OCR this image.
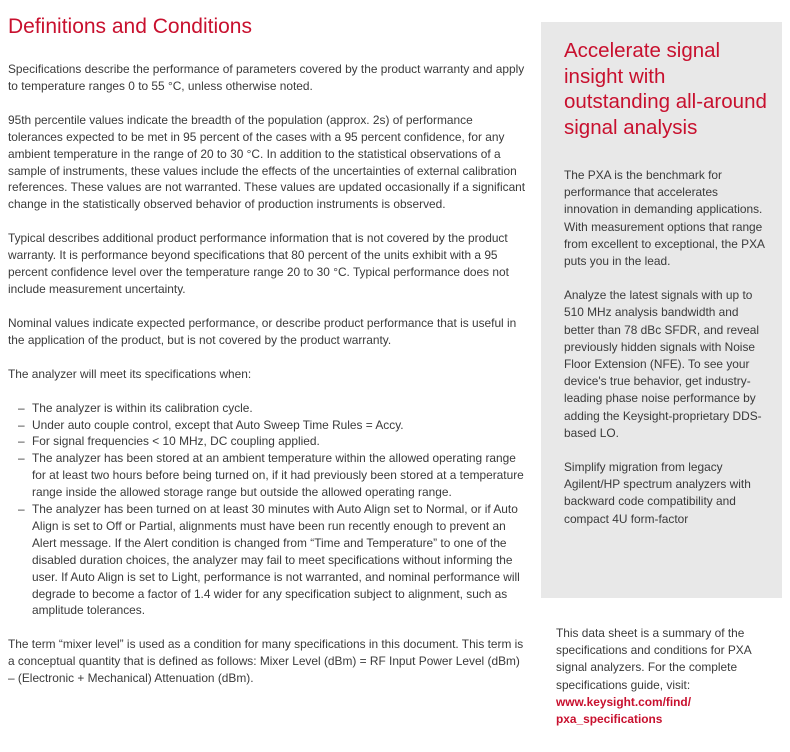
Definitions and Conditions

Specifications describe the performance of parameters covered by the product warranty and apply to temperature ranges 0 to 55 °C, unless otherwise noted.

95th percentile values indicate the breadth of the population (approx. 2s) of performance tolerances expected to be met in 95 percent of the cases with a 95 percent confidence, for any ambient temperature in the range of 20 to 30 °C. In addition to the statistical observations of a sample of instruments, these values include the effects of the uncertainties of external calibration references. These values are not warranted. These values are updated occasionally if a significant change in the statistically observed behavior of production instruments is observed.

Typical describes additional product performance information that is not covered by the product warranty. It is performance beyond specifications that 80 percent of the units exhibit with a 95 percent confidence level over the temperature range 20 to 30 °C. Typical performance does not include measurement uncertainty.

Nominal values indicate expected performance, or describe product performance that is useful in the application of the product, but is not covered by the product warranty.

The analyzer will meet its specifications when:

– The analyzer is within its calibration cycle.
– Under auto couple control, except that Auto Sweep Time Rules = Accy.
– For signal frequencies < 10 MHz, DC coupling applied.
– The analyzer has been stored at an ambient temperature within the allowed operating range for at least two hours before being turned on, if it had previously been stored at a temperature range inside the allowed storage range but outside the allowed operating range.
– The analyzer has been turned on at least 30 minutes with Auto Align set to Normal, or if Auto Align is set to Off or Partial, alignments must have been run recently enough to prevent an Alert message. If the Alert condition is changed from “Time and Temperature” to one of the disabled duration choices, the analyzer may fail to meet specifications without informing the user. If Auto Align is set to Light, performance is not warranted, and nominal performance will degrade to become a factor of 1.4 wider for any specification subject to alignment, such as amplitude tolerances.

The term “mixer level” is used as a condition for many specifications in this document. This term is a conceptual quantity that is defined as follows: Mixer Level (dBm) = RF Input Power Level (dBm) – (Electronic + Mechanical) Attenuation (dBm).

Accelerate signal insight with outstanding all-around signal analysis

The PXA is the benchmark for performance that accelerates innovation in demanding applications. With measurement options that range from excellent to exceptional, the PXA puts you in the lead.

Analyze the latest signals with up to 510 MHz analysis bandwidth and better than 78 dBc SFDR, and reveal previously hidden signals with Noise Floor Extension (NFE). To see your device's true behavior, get industry-leading phase noise performance by adding the Keysight-proprietary DDS-based LO.

Simplify migration from legacy Agilent/HP spectrum analyzers with backward code compatibility and compact 4U form-factor

This data sheet is a summary of the specifications and conditions for PXA signal analyzers. For the complete specifications guide, visit:
www.keysight.com/find/ pxa_specifications
